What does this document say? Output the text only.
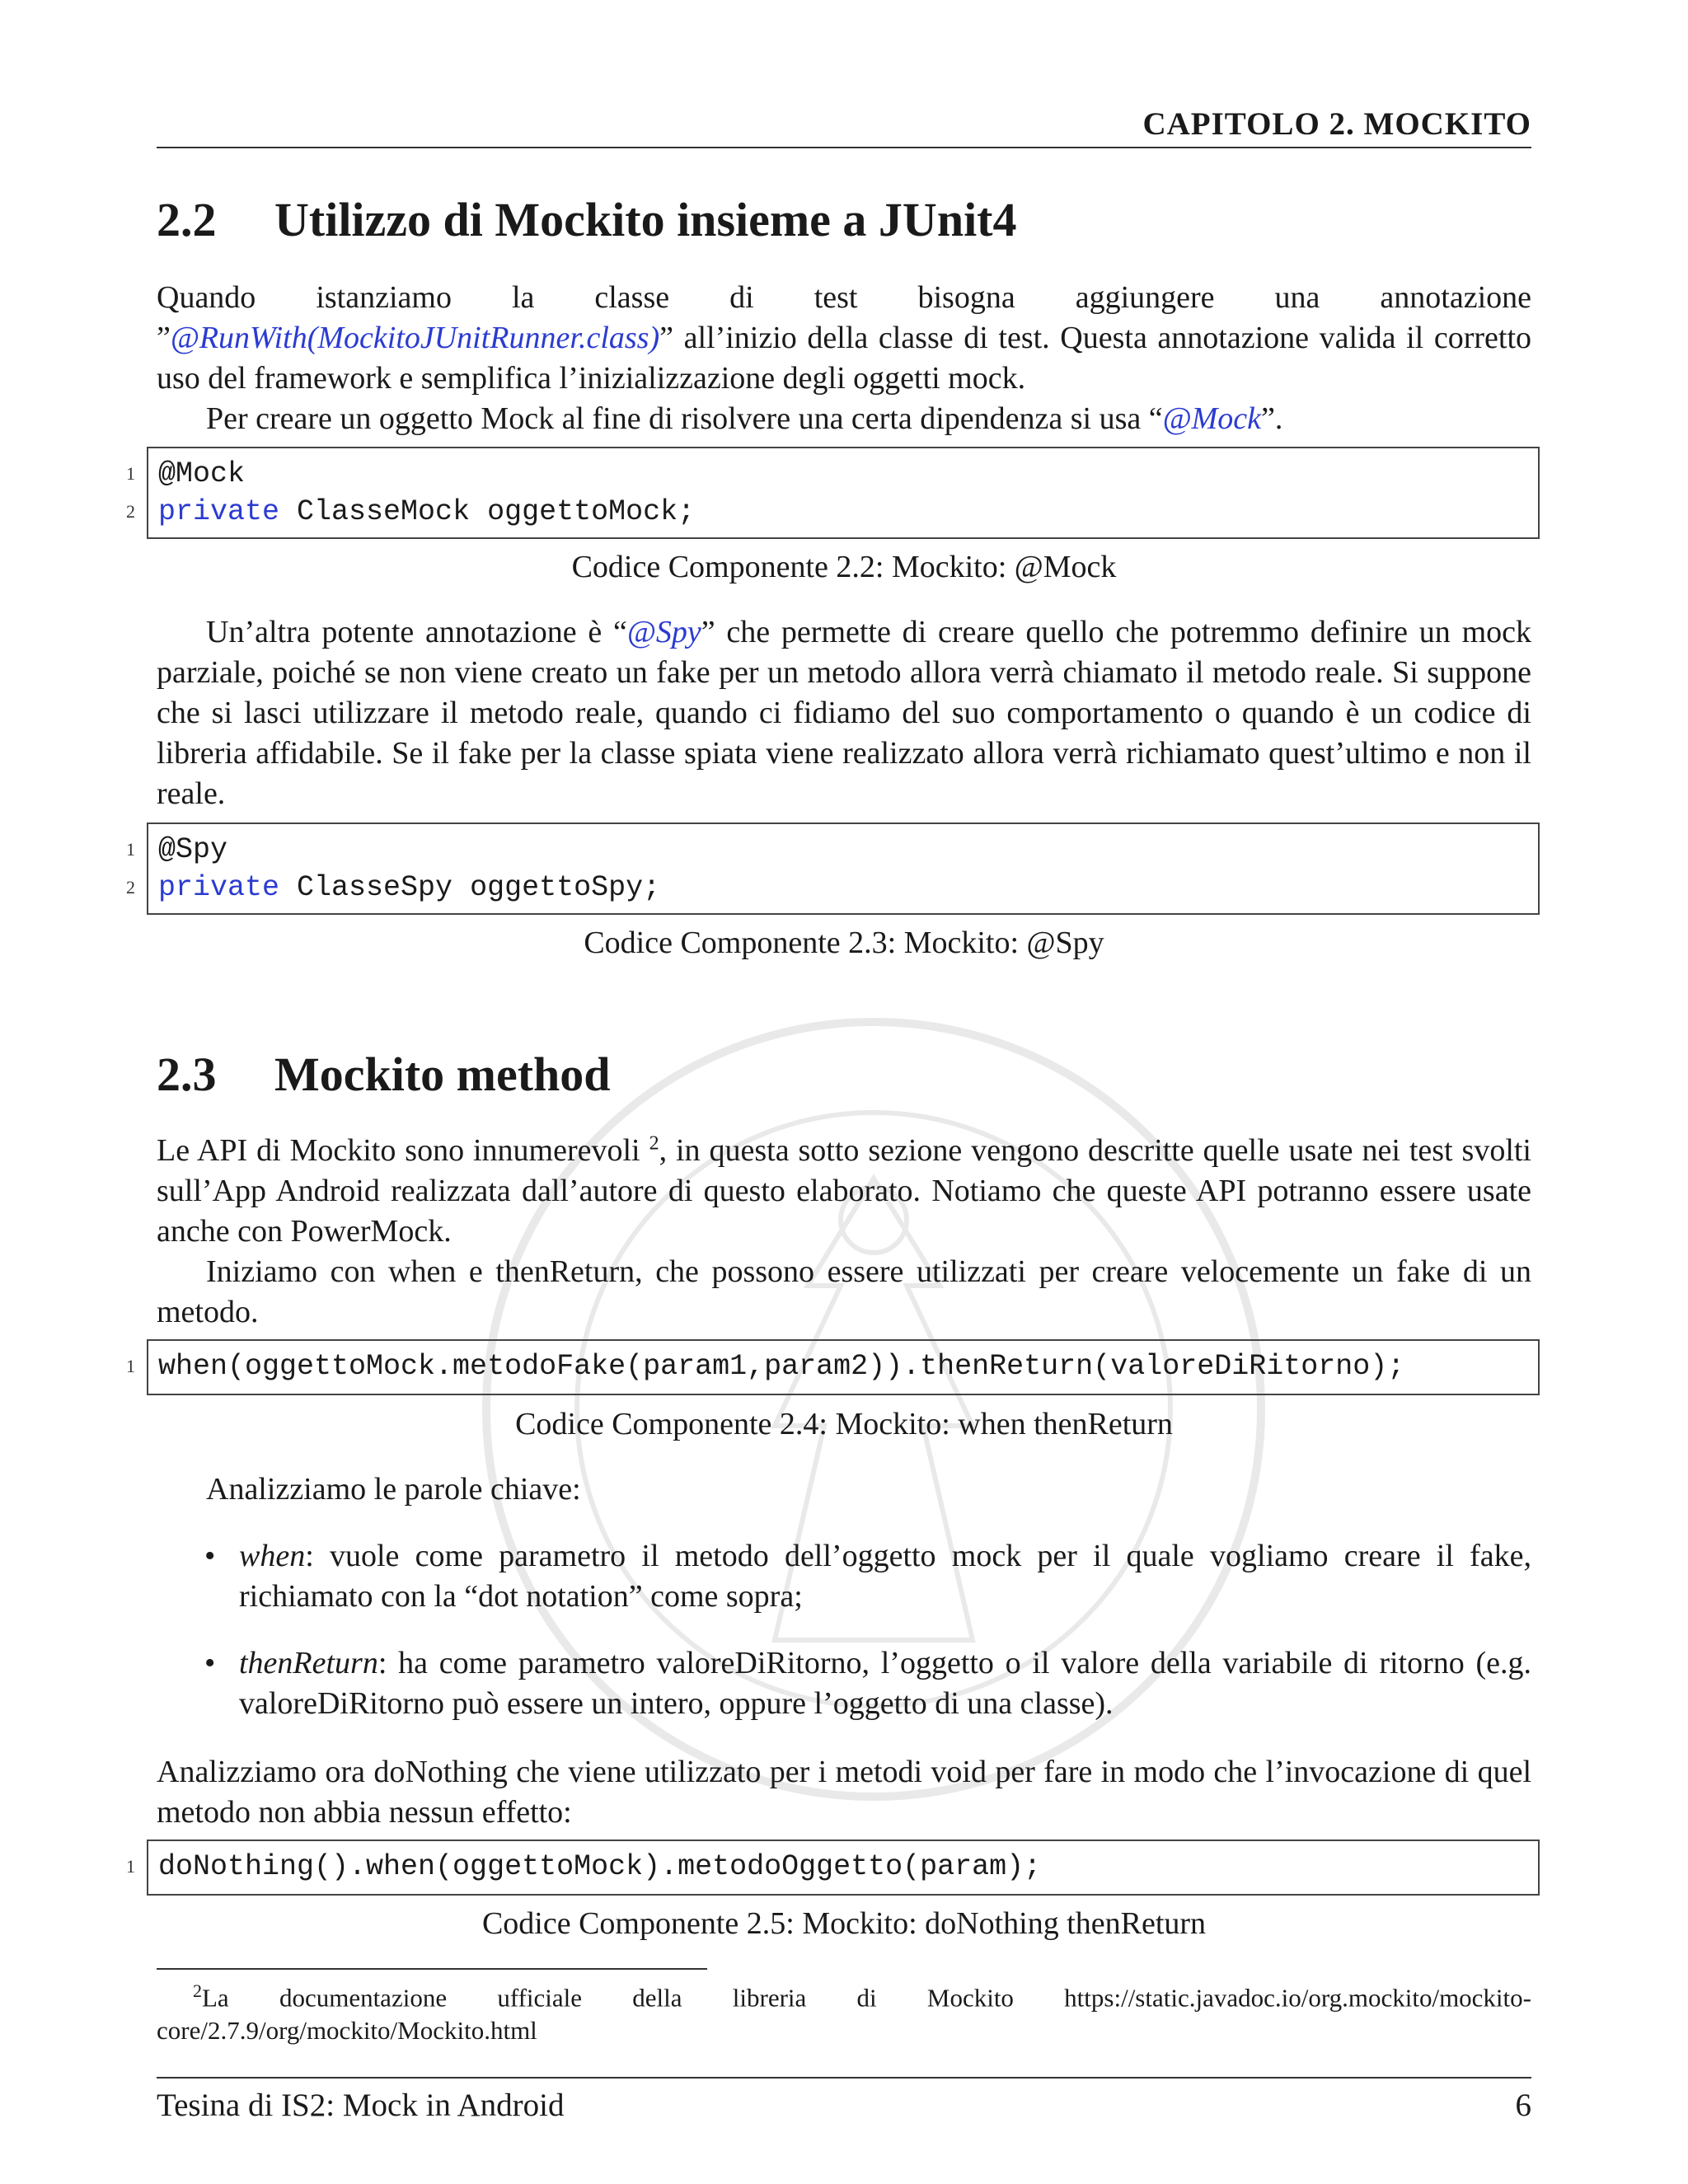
CAPITOLO 2. MOCKITO
2.2 Utilizzo di Mockito insieme a JUnit4
Quando istanziamo la classe di test bisogna aggiungere una annotazione ”@RunWith(MockitoJUnitRunner.class)” all’inizio della classe di test. Questa annotazione valida il corretto uso del framework e semplifica l’inizializzazione degli oggetti mock.
Per creare un oggetto Mock al fine di risolvere una certa dipendenza si usa “@Mock”.
1 @Mock
2 private ClasseMock oggettoMock;
Codice Componente 2.2: Mockito: @Mock
Un’altra potente annotazione è “@Spy” che permette di creare quello che potremmo definire un mock parziale, poiché se non viene creato un fake per un metodo allora verrà chiamato il metodo reale. Si suppone che si lasci utilizzare il metodo reale, quando ci fidiamo del suo comportamento o quando è un codice di libreria affidabile. Se il fake per la classe spiata viene realizzato allora verrà richiamato quest’ultimo e non il reale.
1 @Spy
2 private ClasseSpy oggettoSpy;
Codice Componente 2.3: Mockito: @Spy
2.3 Mockito method
Le API di Mockito sono innumerevoli $^2$, in questa sotto sezione vengono descritte quelle usate nei test svolti sull’App Android realizzata dall’autore di questo elaborato. Notiamo che queste API potranno essere usate anche con PowerMock.
Iniziamo con when e thenReturn, che possono essere utilizzati per creare velocemente un fake di un metodo.
1 when(oggettoMock.metodoFake(param1,param2)).thenReturn(valoreDiRitorno);
Codice Componente 2.4: Mockito: when thenReturn
Analizziamo le parole chiave:
• when: vuole come parametro il metodo dell’oggetto mock per il quale vogliamo creare il fake, richiamato con la “dot notation” come sopra;
• thenReturn: ha come parametro valoreDiRitorno, l’oggetto o il valore della variabile di ritorno (e.g. valoreDiRitorno può essere un intero, oppure l’oggetto di una classe).
Analizziamo ora doNothing che viene utilizzato per i metodi void per fare in modo che l’invocazione di quel metodo non abbia nessun effetto:
1 doNothing().when(oggettoMock).metodoOggetto(param);
Codice Componente 2.5: Mockito: doNothing thenReturn
$^2$La documentazione ufficiale della libreria di Mockito https://static.javadoc.io/org.mockito/mockito-core/2.7.9/org/mockito/Mockito.html
Tesina di IS2: Mock in Android	6
